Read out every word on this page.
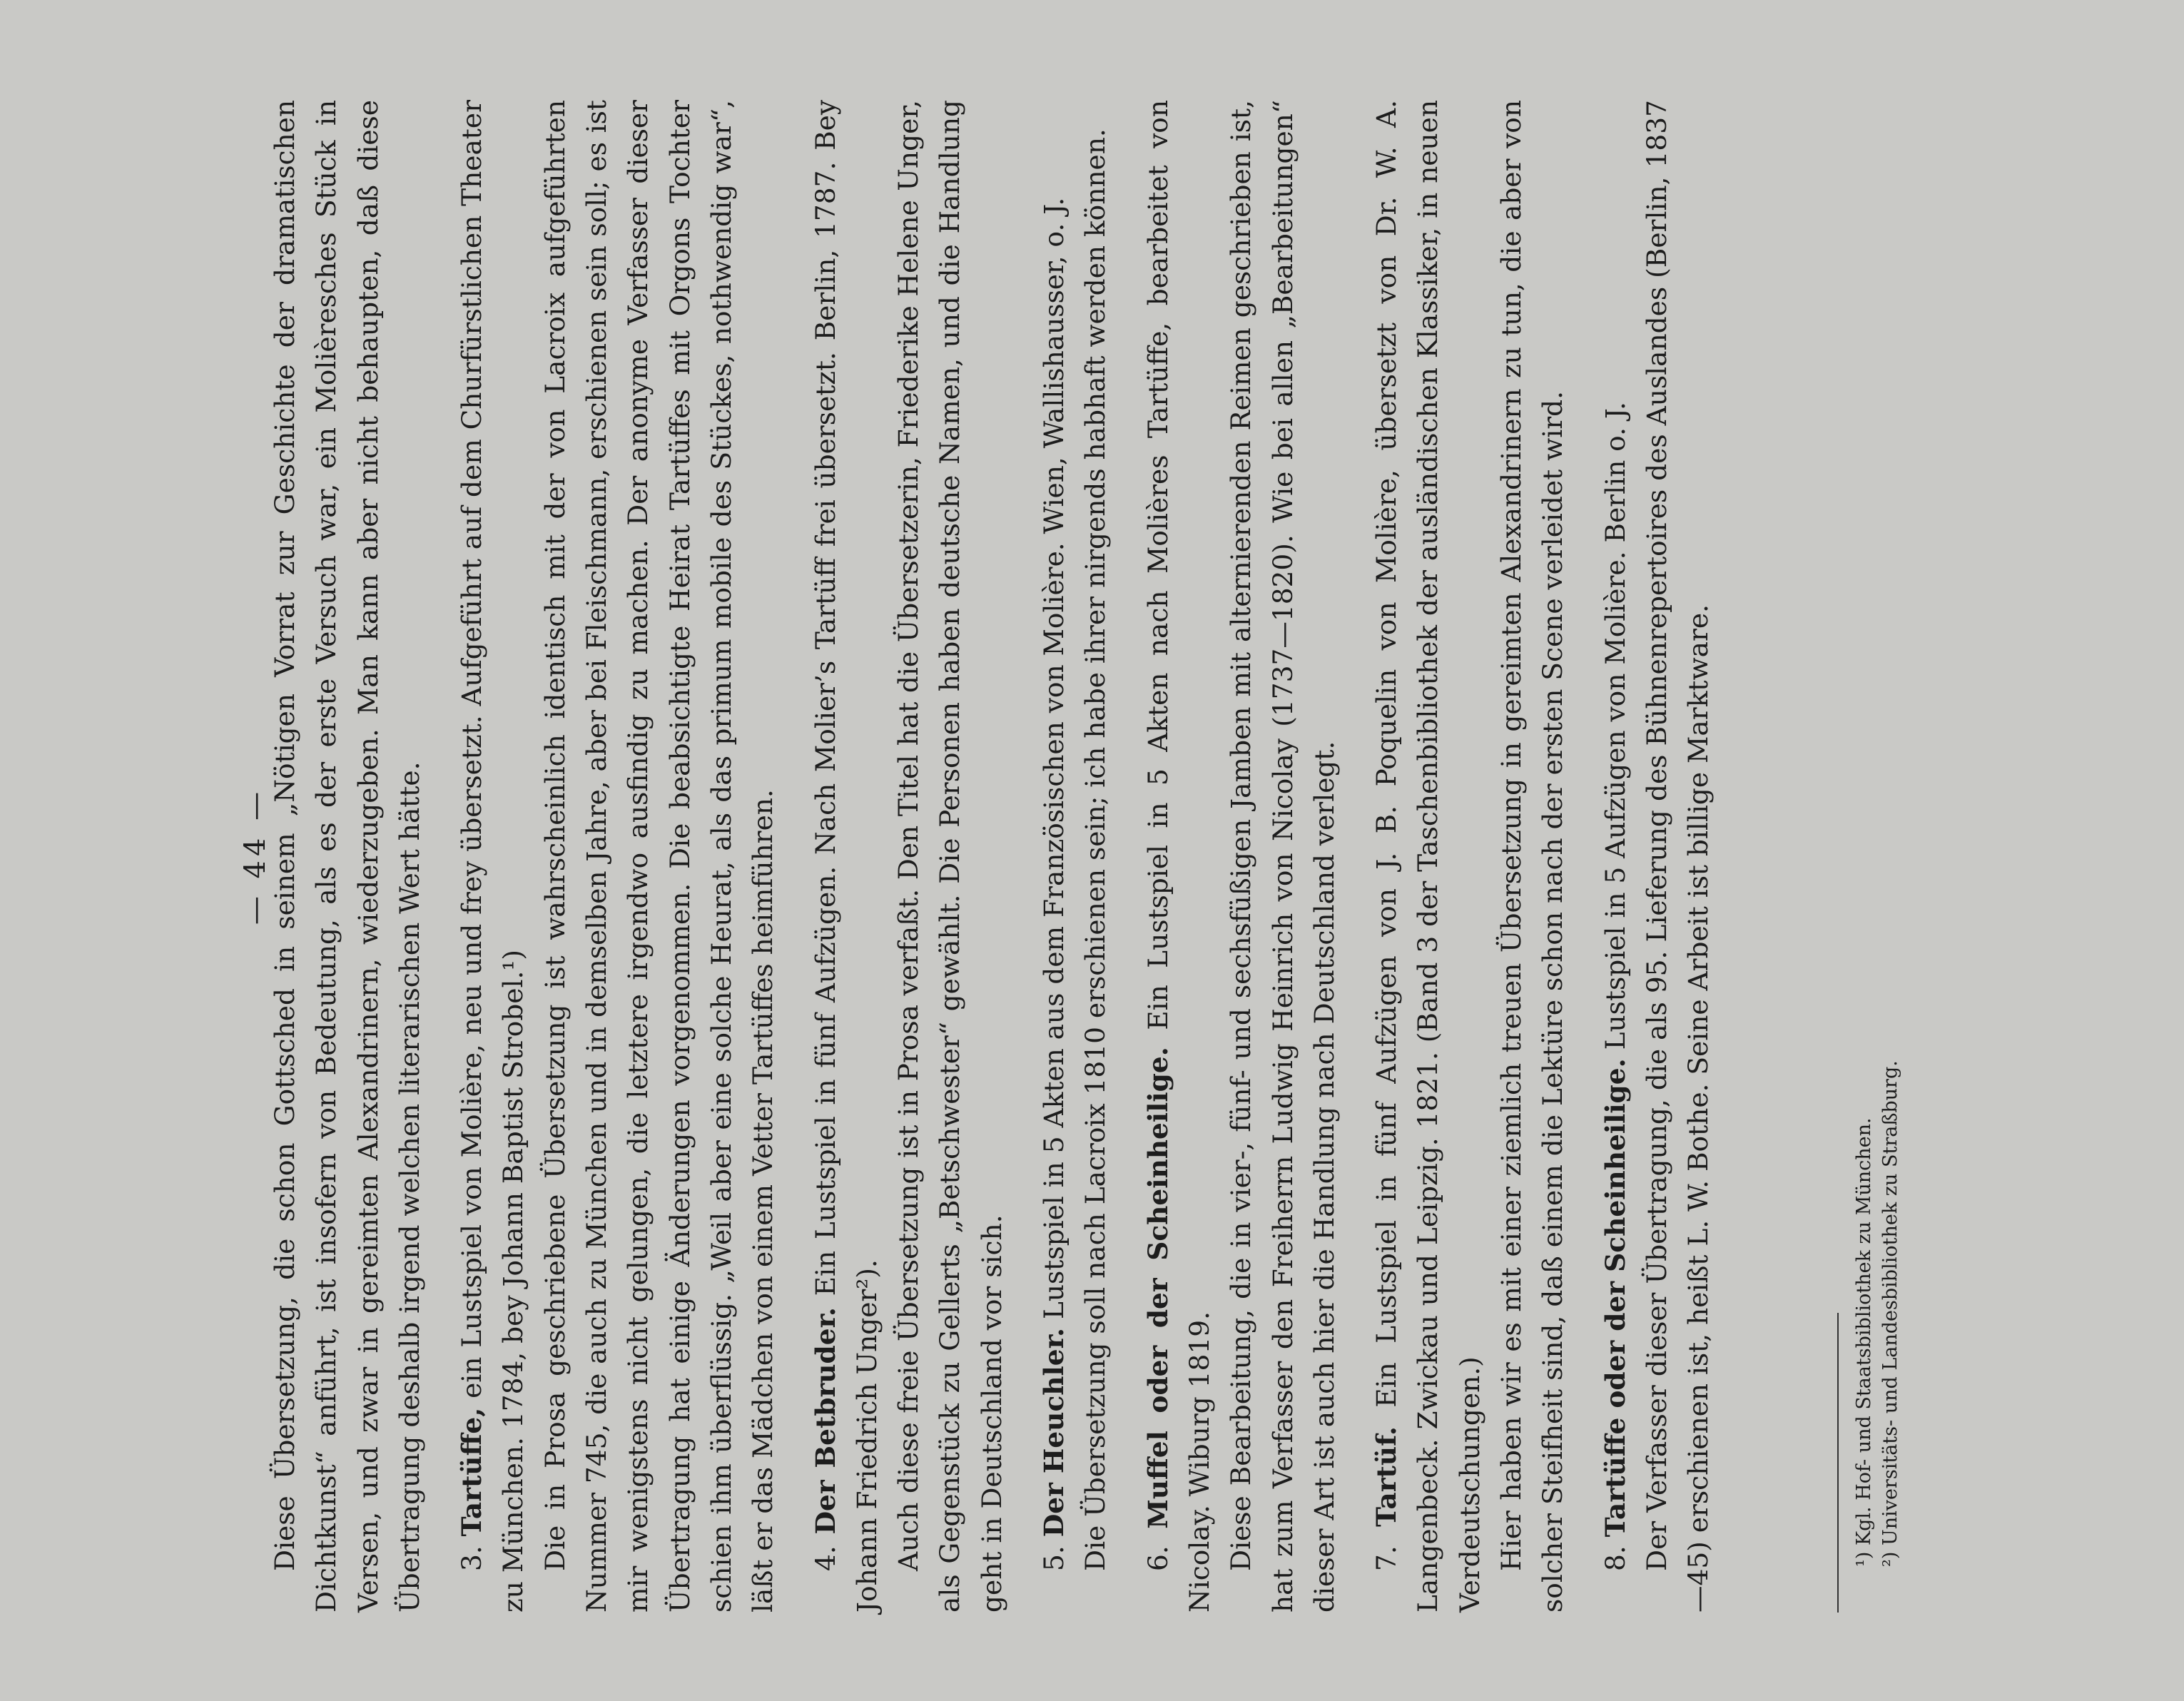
— 44 —

Diese Übersetzung, die schon Gottsched in seinem „Nötigen Vorrat zur Geschichte der dramatischen Dichtkunst“ anführt, ist insofern von Bedeutung, als es der erste Versuch war, ein Molièresches Stück in Versen, und zwar in gereimten Alexandrinern, wiederzugeben. Man kann aber nicht behaupten, daß diese Übertragung deshalb irgend welchen literarischen Wert hätte. 3. Tartüffe, ein Lustspiel von Molière, neu und frey übersetzt. Aufgeführt auf dem Churfürstlichen Theater zu München. 1784, bey Johann Baptist Strobel.¹) Die in Prosa geschriebene Übersetzung ist wahrscheinlich identisch mit der von Lacroix aufgeführten Nummer 745, die auch zu München und in demselben Jahre, aber bei Fleischmann, erschienen sein soll; es ist mir wenigstens nicht gelungen, die letztere irgendwo ausfindig zu machen. Der anonyme Verfasser dieser Übertragung hat einige Änderungen vorgenommen. Die beabsichtigte Heirat Tartüffes mit Orgons Tochter schien ihm überflüssig. „Weil aber eine solche Heurat, als das primum mobile des Stückes, nothwendig war“, läßt er das Mädchen von einem Vetter Tartüffes heimführen. 4. Der Betbruder. Ein Lustspiel in fünf Aufzügen. Nach Molier’s Tartüff frei übersetzt. Berlin, 1787. Bey Johann Friedrich Unger²). Auch diese freie Übersetzung ist in Prosa verfaßt. Den Titel hat die Übersetzerin, Friederike Helene Unger, als Gegenstück zu Gellerts „Betschwester“ gewählt. Die Personen haben deutsche Namen, und die Handlung geht in Deutschland vor sich. 5. Der Heuchler. Lustspiel in 5 Akten aus dem Französischen von Molière. Wien, Wallishausser, o. J. Die Übersetzung soll nach Lacroix 1810 erschienen sein; ich habe ihrer nirgends habhaft werden können. 6. Muffel oder der Scheinheilige. Ein Lustspiel in 5 Akten nach Molières Tartüffe, bearbeitet von Nicolay. Wiburg 1819. Diese Bearbeitung, die in vier-, fünf- und sechsfüßigen Jamben mit alternierenden Reimen geschrieben ist, hat zum Verfasser den Freiherrn Ludwig Heinrich von Nicolay (1737—1820). Wie bei allen „Bearbeitungen“ dieser Art ist auch hier die Handlung nach Deutschland verlegt. 7. Tartüf. Ein Lustspiel in fünf Aufzügen von J. B. Poquelin von Molière, übersetzt von Dr. W. A. Langenbeck. Zwickau und Leipzig. 1821. (Band 3 der Taschenbibliothek der ausländischen Klassiker, in neuen Verdeutschungen.) Hier haben wir es mit einer ziemlich treuen Übersetzung in gereimten Alexandrinern zu tun, die aber von solcher Steifheit sind, daß einem die Lektüre schon nach der ersten Scene verleidet wird. 8. Tartüffe oder der Scheinheilige. Lustspiel in 5 Aufzügen von Molière. Berlin o. J. Der Verfasser dieser Übertragung, die als 95. Lieferung des Bühnenrepertoires des Auslandes (Berlin, 1837—45) erschienen ist, heißt L. W. Bothe. Seine Arbeit ist billige Marktware.	¹) Kgl. Hof- und Staatsbibliothek zu München. ²) Universitäts- und Landesbibliothek zu Straßburg.
